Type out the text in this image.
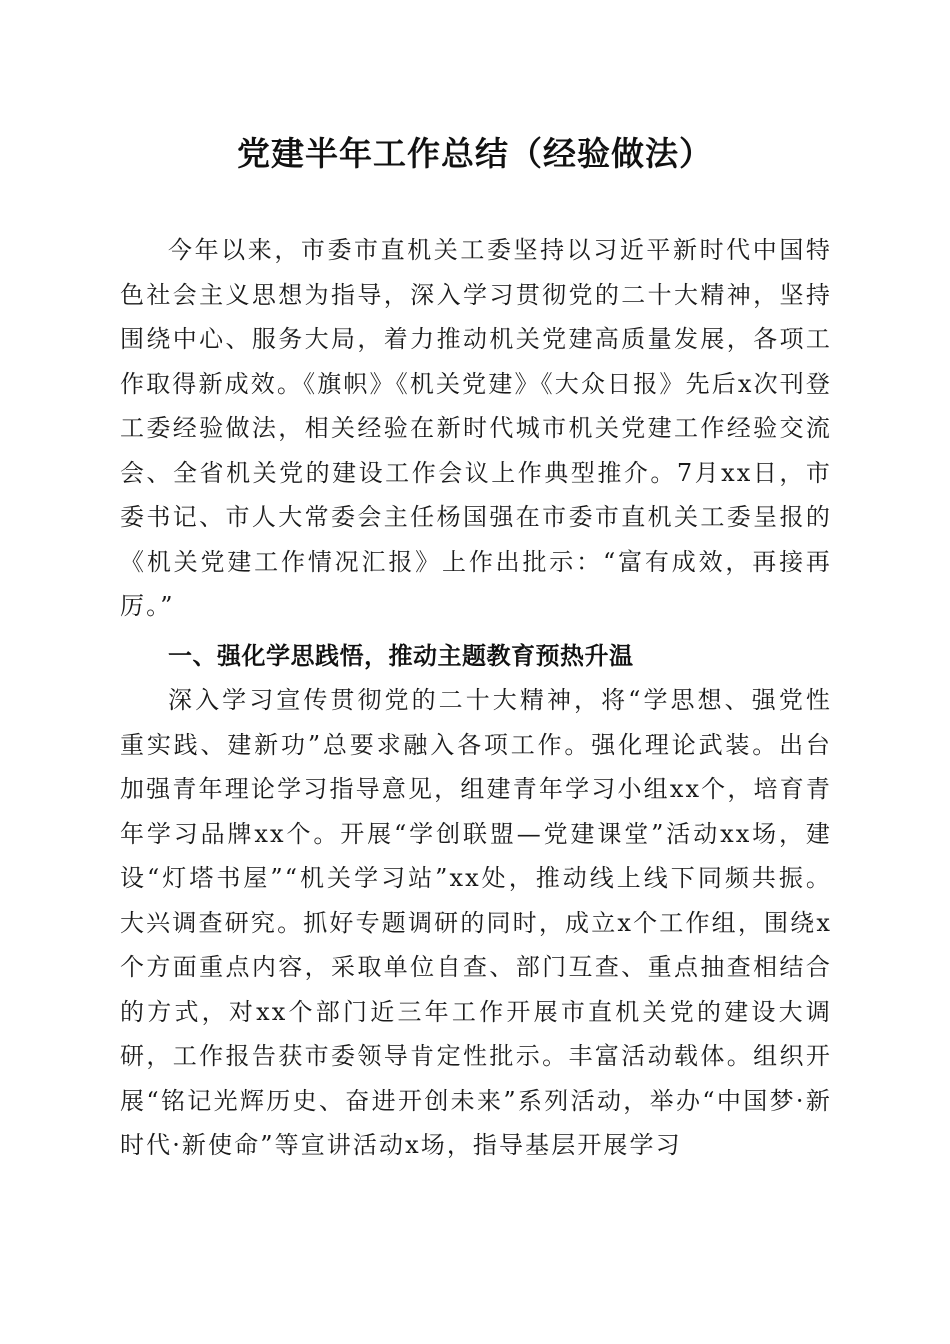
党建半年工作总结（经验做法）

今年以来，市委市直机关工委坚持以习近平新时代中国特色社会主义思想为指导，深入学习贯彻党的二十大精神，坚持围绕中心、服务大局，着力推动机关党建高质量发展，各项工作取得新成效。《旗帜》《机关党建》《大众日报》先后x次刊登工委经验做法，相关经验在新时代城市机关党建工作经验交流会、全省机关党的建设工作会议上作典型推介。7月xx日，市委书记、市人大常委会主任杨国强在市委市直机关工委呈报的《机关党建工作情况汇报》上作出批示：“富有成效，再接再厉。”

一、强化学思践悟，推动主题教育预热升温

深入学习宣传贯彻党的二十大精神，将“学思想、强党性重实践、建新功”总要求融入各项工作。强化理论武装。出台加强青年理论学习指导意见，组建青年学习小组xx个，培育青年学习品牌xx个。开展“学创联盟—党建课堂”活动xx场，建设“灯塔书屋”“机关学习站”xx处，推动线上线下同频共振。大兴调查研究。抓好专题调研的同时，成立x个工作组，围绕x个方面重点内容，采取单位自查、部门互查、重点抽查相结合的方式，对xx个部门近三年工作开展市直机关党的建设大调研，工作报告获市委领导肯定性批示。丰富活动载体。组织开展“铭记光辉历史、奋进开创未来”系列活动，举办“中国梦·新时代·新使命”等宣讲活动x场，指导基层开展学习
